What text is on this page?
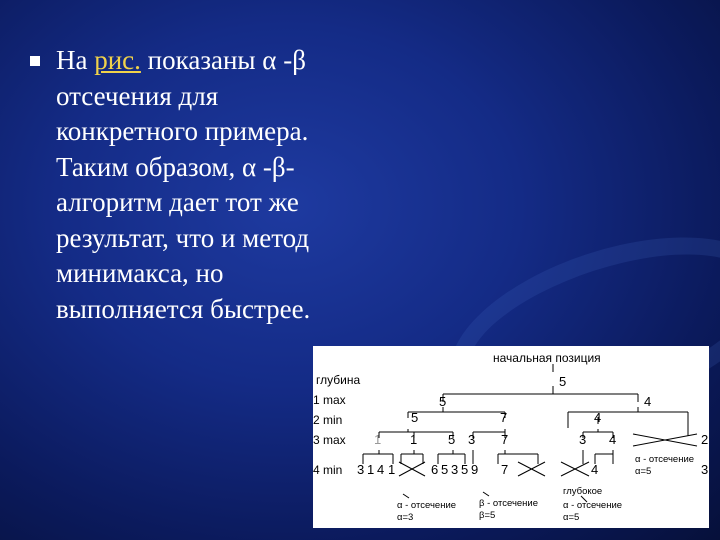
На рис. показаны α -β отсечения для конкретного примера. Таким образом, α -β-алгоритм дает тот же результат, что и метод минимакса, но выполняется быстрее.
начальная позиция
глубина
1 max
2 min
3 max
4 min
5
5	4
5	7	4
1 1 5 3 7	3 4	2
3
3 1 4 1	6 5 3 5 9 7	4
α - отсечение
α=5
α - отсечение
α=3
β - отсечение
β=5
глубокое
α - отсечение
α=5
